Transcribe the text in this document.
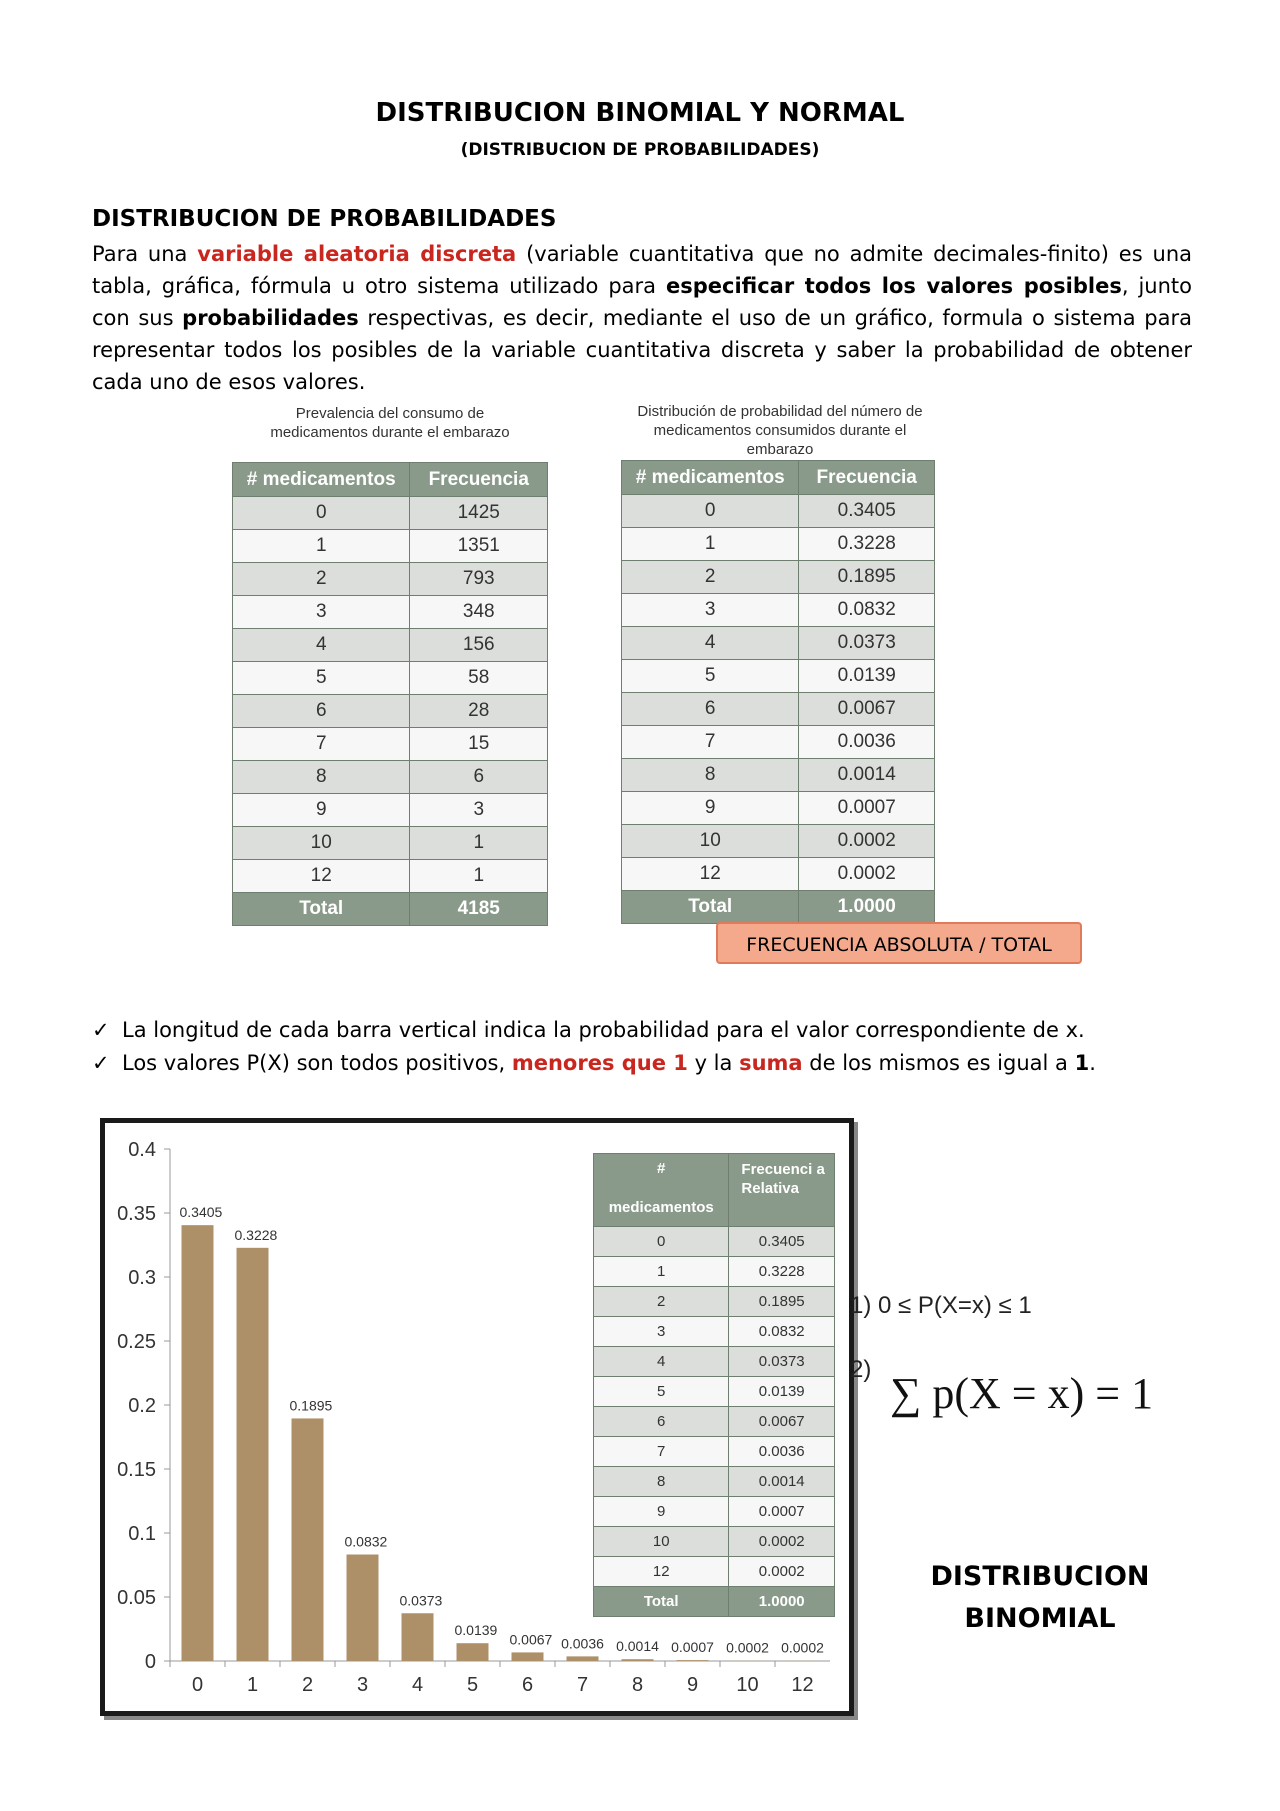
DISTRIBUCION BINOMIAL Y NORMAL
(DISTRIBUCION DE PROBABILIDADES)
DISTRIBUCION DE PROBABILIDADES
Para una variable aleatoria discreta (variable cuantitativa que no admite decimales-finito) es una tabla, gráfica, fórmula u otro sistema utilizado para especificar todos los valores posibles, junto con sus probabilidades respectivas, es decir, mediante el uso de un gráfico, formula o sistema para representar todos los posibles de la variable cuantitativa discreta y saber la probabilidad de obtener cada uno de esos valores.
Prevalencia del consumo de medicamentos durante el embarazo
# medicamentos	Frecuencia
0	1425
1	1351
2	793
3	348
4	156
5	58
6	28
7	15
8	6
9	3
10	1
12	1
Total	4185
Distribución de probabilidad del número de medicamentos consumidos durante el embarazo
# medicamentos	Frecuencia
0	0.3405
1	0.3228
2	0.1895
3	0.0832
4	0.0373
5	0.0139
6	0.0067
7	0.0036
8	0.0014
9	0.0007
10	0.0002
12	0.0002
Total	1.0000
FRECUENCIA ABSOLUTA / TOTAL
✓ La longitud de cada barra vertical indica la probabilidad para el valor correspondiente de x.
✓ Los valores P(X) son todos positivos, menores que 1 y la suma de los mismos es igual a 1.
0
0.05
0.1
0.15
0.2
0.25
0.3
0.35
0.4
0.3405
0
0.3228
1
0.1895
2
0.0832
3
0.0373
4
0.0139
5
0.0067
6
0.0036
7
0.0014
8
0.0007
9
0.0002
10
0.0002
12
#
medicamentos	Frecuenci a Relativa
0	0.3405
1	0.3228
2	0.1895
3	0.0832
4	0.0373
5	0.0139
6	0.0067
7	0.0036
8	0.0014
9	0.0007
10	0.0002
12	0.0002
Total	1.0000
1) 0 ≤ P(X=x) ≤ 1
2) ∑ p(X = x) = 1
DISTRIBUCION
BINOMIAL
